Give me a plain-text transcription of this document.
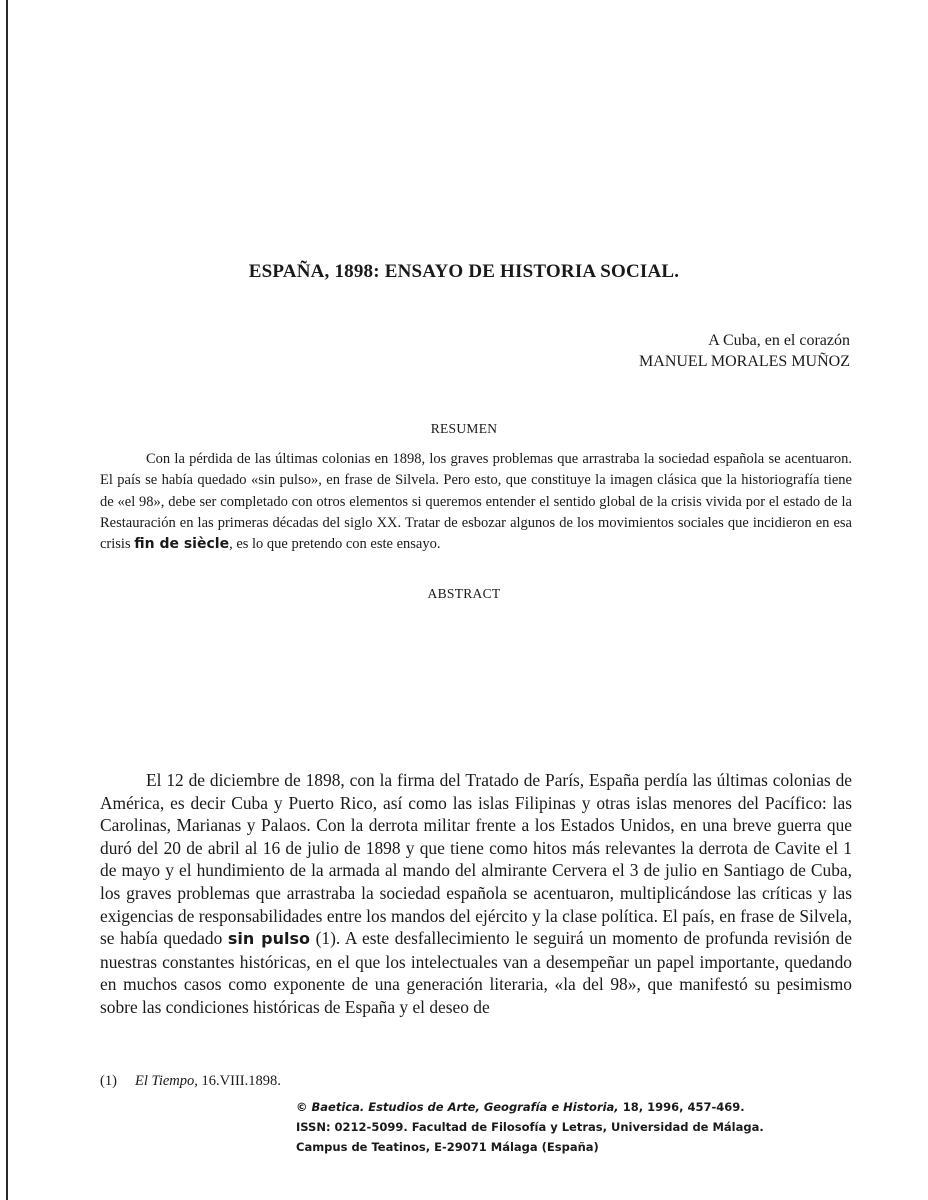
ESPAÑA, 1898: ENSAYO DE HISTORIA SOCIAL.
A Cuba, en el corazón
MANUEL MORALES MUÑOZ
RESUMEN

Con la pérdida de las últimas colonias en 1898, los graves problemas que arrastraba la sociedad española se acentuaron. El país se había quedado «sin pulso», en frase de Silvela. Pero esto, que constituye la imagen clásica que la historiografía tiene de «el 98», debe ser completado con otros elementos si queremos entender el sentido global de la crisis vivida por el estado de la Restauración en las primeras décadas del siglo XX. Tratar de esbozar algunos de los movimientos sociales que incidieron en esa crisis fin de siècle, es lo que pretendo con este ensayo.

ABSTRACT

El 12 de diciembre de 1898, con la firma del Tratado de París, España perdía las últimas colonias de América, es decir Cuba y Puerto Rico, así como las islas Filipinas y otras islas menores del Pacífico: las Carolinas, Marianas y Palaos. Con la derrota militar frente a los Estados Unidos, en una breve guerra que duró del 20 de abril al 16 de julio de 1898 y que tiene como hitos más relevantes la derrota de Cavite el 1 de mayo y el hundimiento de la armada al mando del almirante Cervera el 3 de julio en Santiago de Cuba, los graves problemas que arrastraba la sociedad española se acentuaron, multiplicándose las críticas y las exigencias de responsabilidades entre los mandos del ejército y la clase política. El país, en frase de Silvela, se había quedado sin pulso (1). A este desfallecimiento le seguirá un momento de profunda revisión de nuestras constantes históricas, en el que los intelectuales van a desempeñar un papel importante, quedando en muchos casos como exponente de una generación literaria, «la del 98», que manifestó su pesimismo sobre las condiciones históricas de España y el deseo de

(1) El Tiempo, 16.VIII.1898.
© Baetica. Estudios de Arte, Geografía e Historia, 18, 1996, 457-469.
ISSN: 0212-5099. Facultad de Filosofía y Letras, Universidad de Málaga.
Campus de Teatinos, E-29071 Málaga (España)
